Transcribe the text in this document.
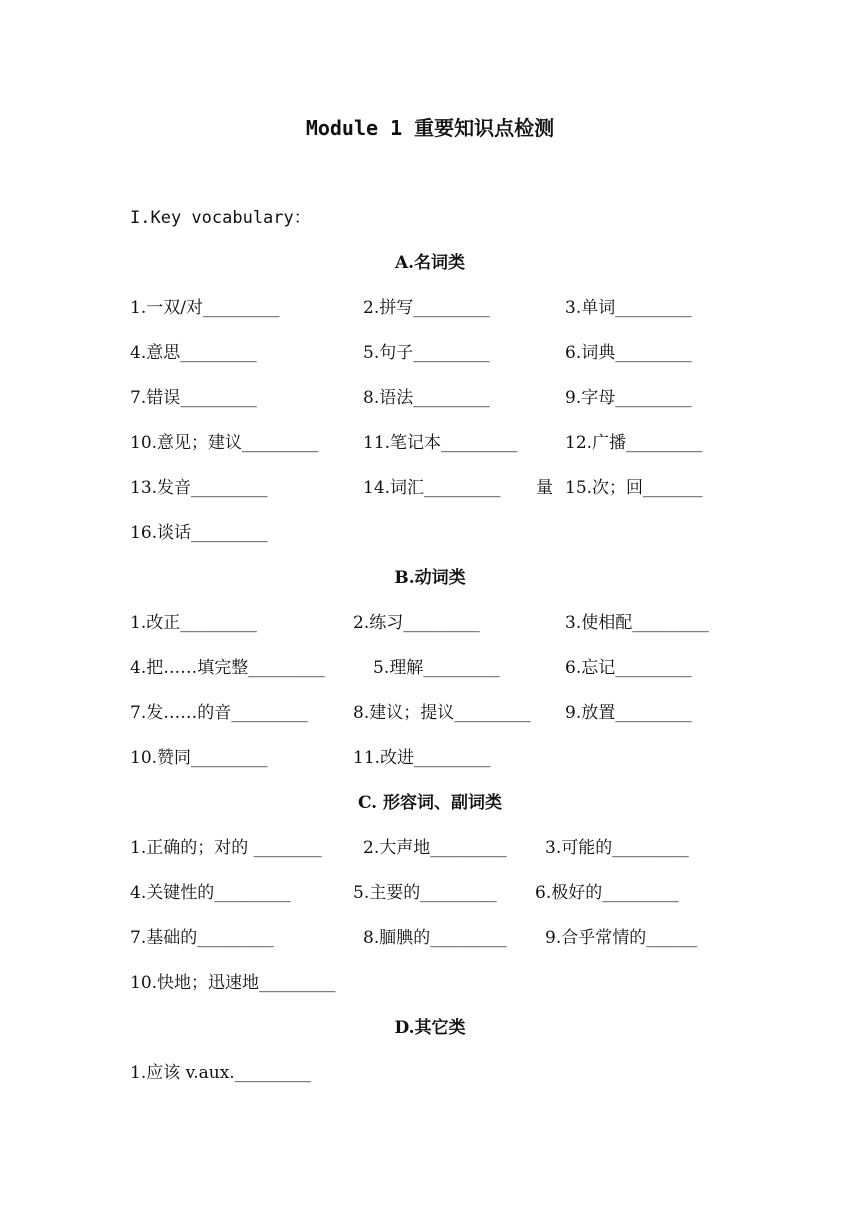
Module 1 重要知识点检测
I.Key vocabulary：
A.名词类
1.一双/对_________	2.拼写_________	3.单词_________
4.意思_________	5.句子_________	6.词典_________
7.错误_________	8.语法_________	9.字母_________
10.意见；建议_________	11.笔记本_________	12.广播_________
13.发音_________	14.词汇_________ 量 15.次；回_______
16.谈话_________
B.动词类
1.改正_________	2.练习_________	3.使相配_________
4.把……填完整_________	5.理解_________	6.忘记_________
7.发……的音_________	8.建议；提议_________ 9.放置_________
10.赞同_________	11.改进_________
C. 形容词、副词类
1.正确的；对的 ________ 2.大声地_________ 3.可能的_________
4.关键性的_________	5.主要的_________ 6.极好的_________
7.基础的_________	8.腼腆的_________ 9.合乎常情的______
10.快地；迅速地_________
D.其它类
1.应该 v.aux._________
